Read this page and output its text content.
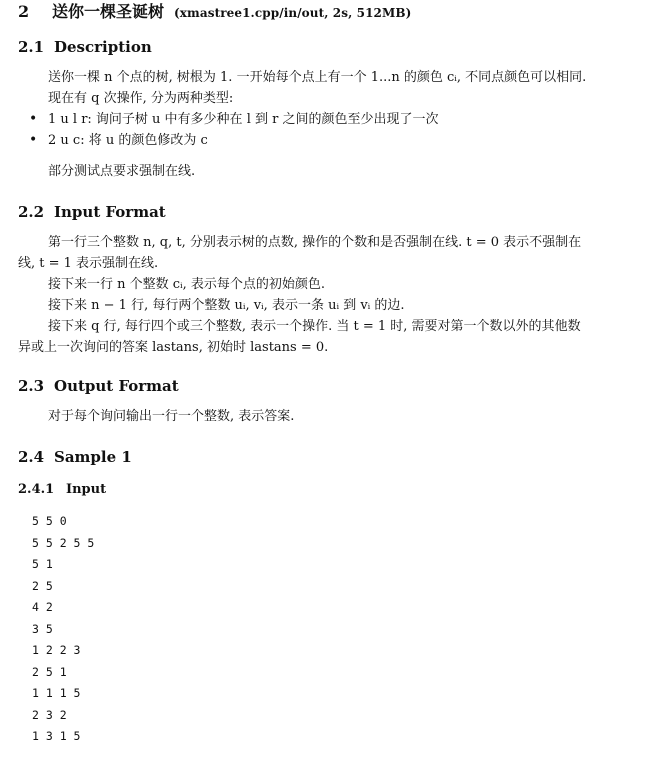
2	送你一棵圣诞树 (xmastree1.cpp/in/out, 2s, 512MB)
2.1 Description
送你一棵 n 个点的树, 树根为 1. 一开始每个点上有一个 1...n 的颜色 cᵢ, 不同点颜色可以相同.
现在有 q 次操作, 分为两种类型:
• 1 u l r: 询问子树 u 中有多少种在 l 到 r 之间的颜色至少出现了一次
• 2 u c: 将 u 的颜色修改为 c
部分测试点要求强制在线.
2.2 Input Format
第一行三个整数 n, q, t, 分别表示树的点数, 操作的个数和是否强制在线. t = 0 表示不强制在
线, t = 1 表示强制在线.
接下来一行 n 个整数 cᵢ, 表示每个点的初始颜色.
接下来 n − 1 行, 每行两个整数 uᵢ, vᵢ, 表示一条 uᵢ 到 vᵢ 的边.
接下来 q 行, 每行四个或三个整数, 表示一个操作. 当 t = 1 时, 需要对第一个数以外的其他数
异或上一次询问的答案 lastans, 初始时 lastans = 0.
2.3 Output Format
对于每个询问输出一行一个整数, 表示答案.
2.4 Sample 1
2.4.1 Input
5 5 0
5 5 2 5 5
5 1
2 5
4 2
3 5
1 2 2 3
2 5 1
1 1 1 5
2 3 2
1 3 1 5
